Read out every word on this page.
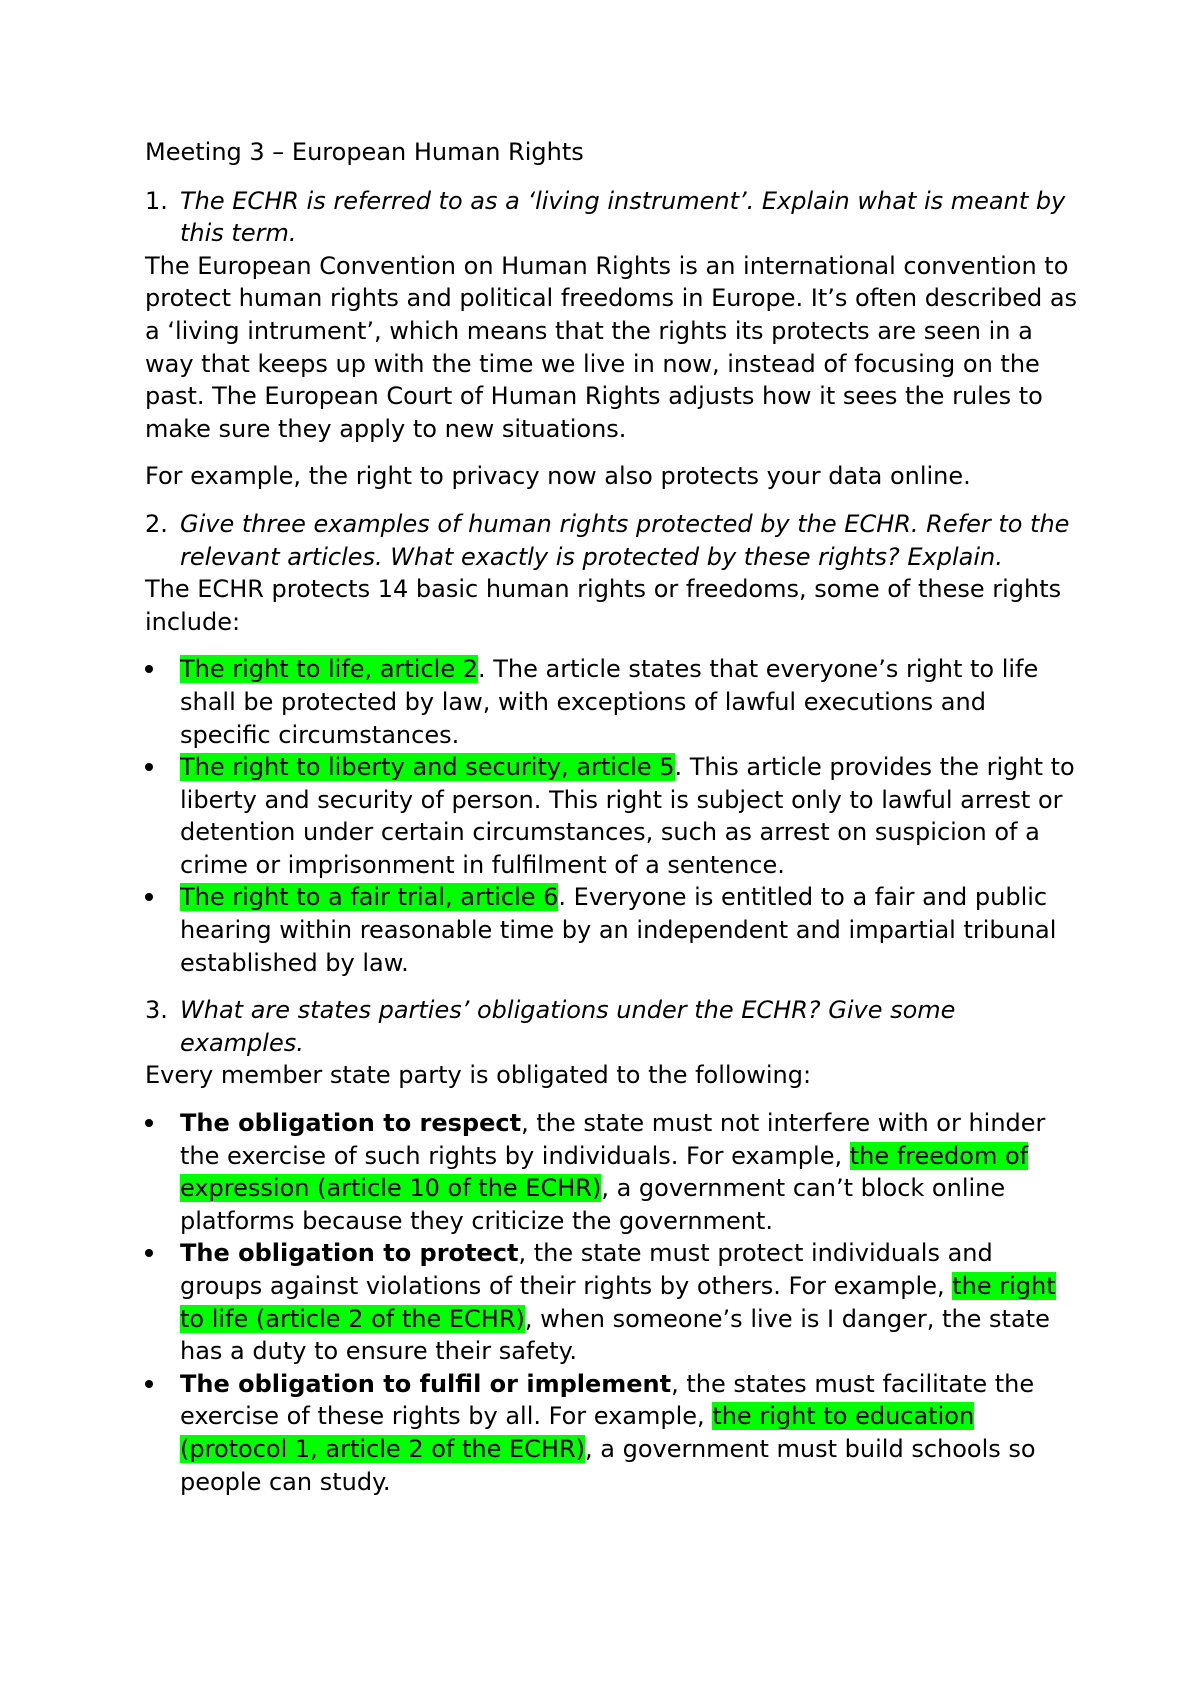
Meeting 3 – European Human Rights

1. The ECHR is referred to as a ‘living instrument’. Explain what is meant by this term.

The European Convention on Human Rights is an international convention to protect human rights and political freedoms in Europe. It’s often described as a ‘living intrument’, which means that the rights its protects are seen in a way that keeps up with the time we live in now, instead of focusing on the past. The European Court of Human Rights adjusts how it sees the rules to make sure they apply to new situations.

For example, the right to privacy now also protects your data online.

2. Give three examples of human rights protected by the ECHR. Refer to the relevant articles. What exactly is protected by these rights? Explain.

The ECHR protects 14 basic human rights or freedoms, some of these rights include:

The right to life, article 2. The article states that everyone’s right to life shall be protected by law, with exceptions of lawful executions and specific circumstances.
The right to liberty and security, article 5. This article provides the right to liberty and security of person. This right is subject only to lawful arrest or detention under certain circumstances, such as arrest on suspicion of a crime or imprisonment in fulfilment of a sentence.
The right to a fair trial, article 6. Everyone is entitled to a fair and public hearing within reasonable time by an independent and impartial tribunal established by law.
3. What are states parties’ obligations under the ECHR? Give some examples.

Every member state party is obligated to the following:

The obligation to respect, the state must not interfere with or hinder the exercise of such rights by individuals. For example, the freedom of expression (article 10 of the ECHR), a government can’t block online platforms because they criticize the government.
The obligation to protect, the state must protect individuals and groups against violations of their rights by others. For example, the right to life (article 2 of the ECHR), when someone’s live is I danger, the state has a duty to ensure their safety.
The obligation to fulfil or implement, the states must facilitate the exercise of these rights by all. For example, the right to education (protocol 1, article 2 of the ECHR), a government must build schools so people can study.
